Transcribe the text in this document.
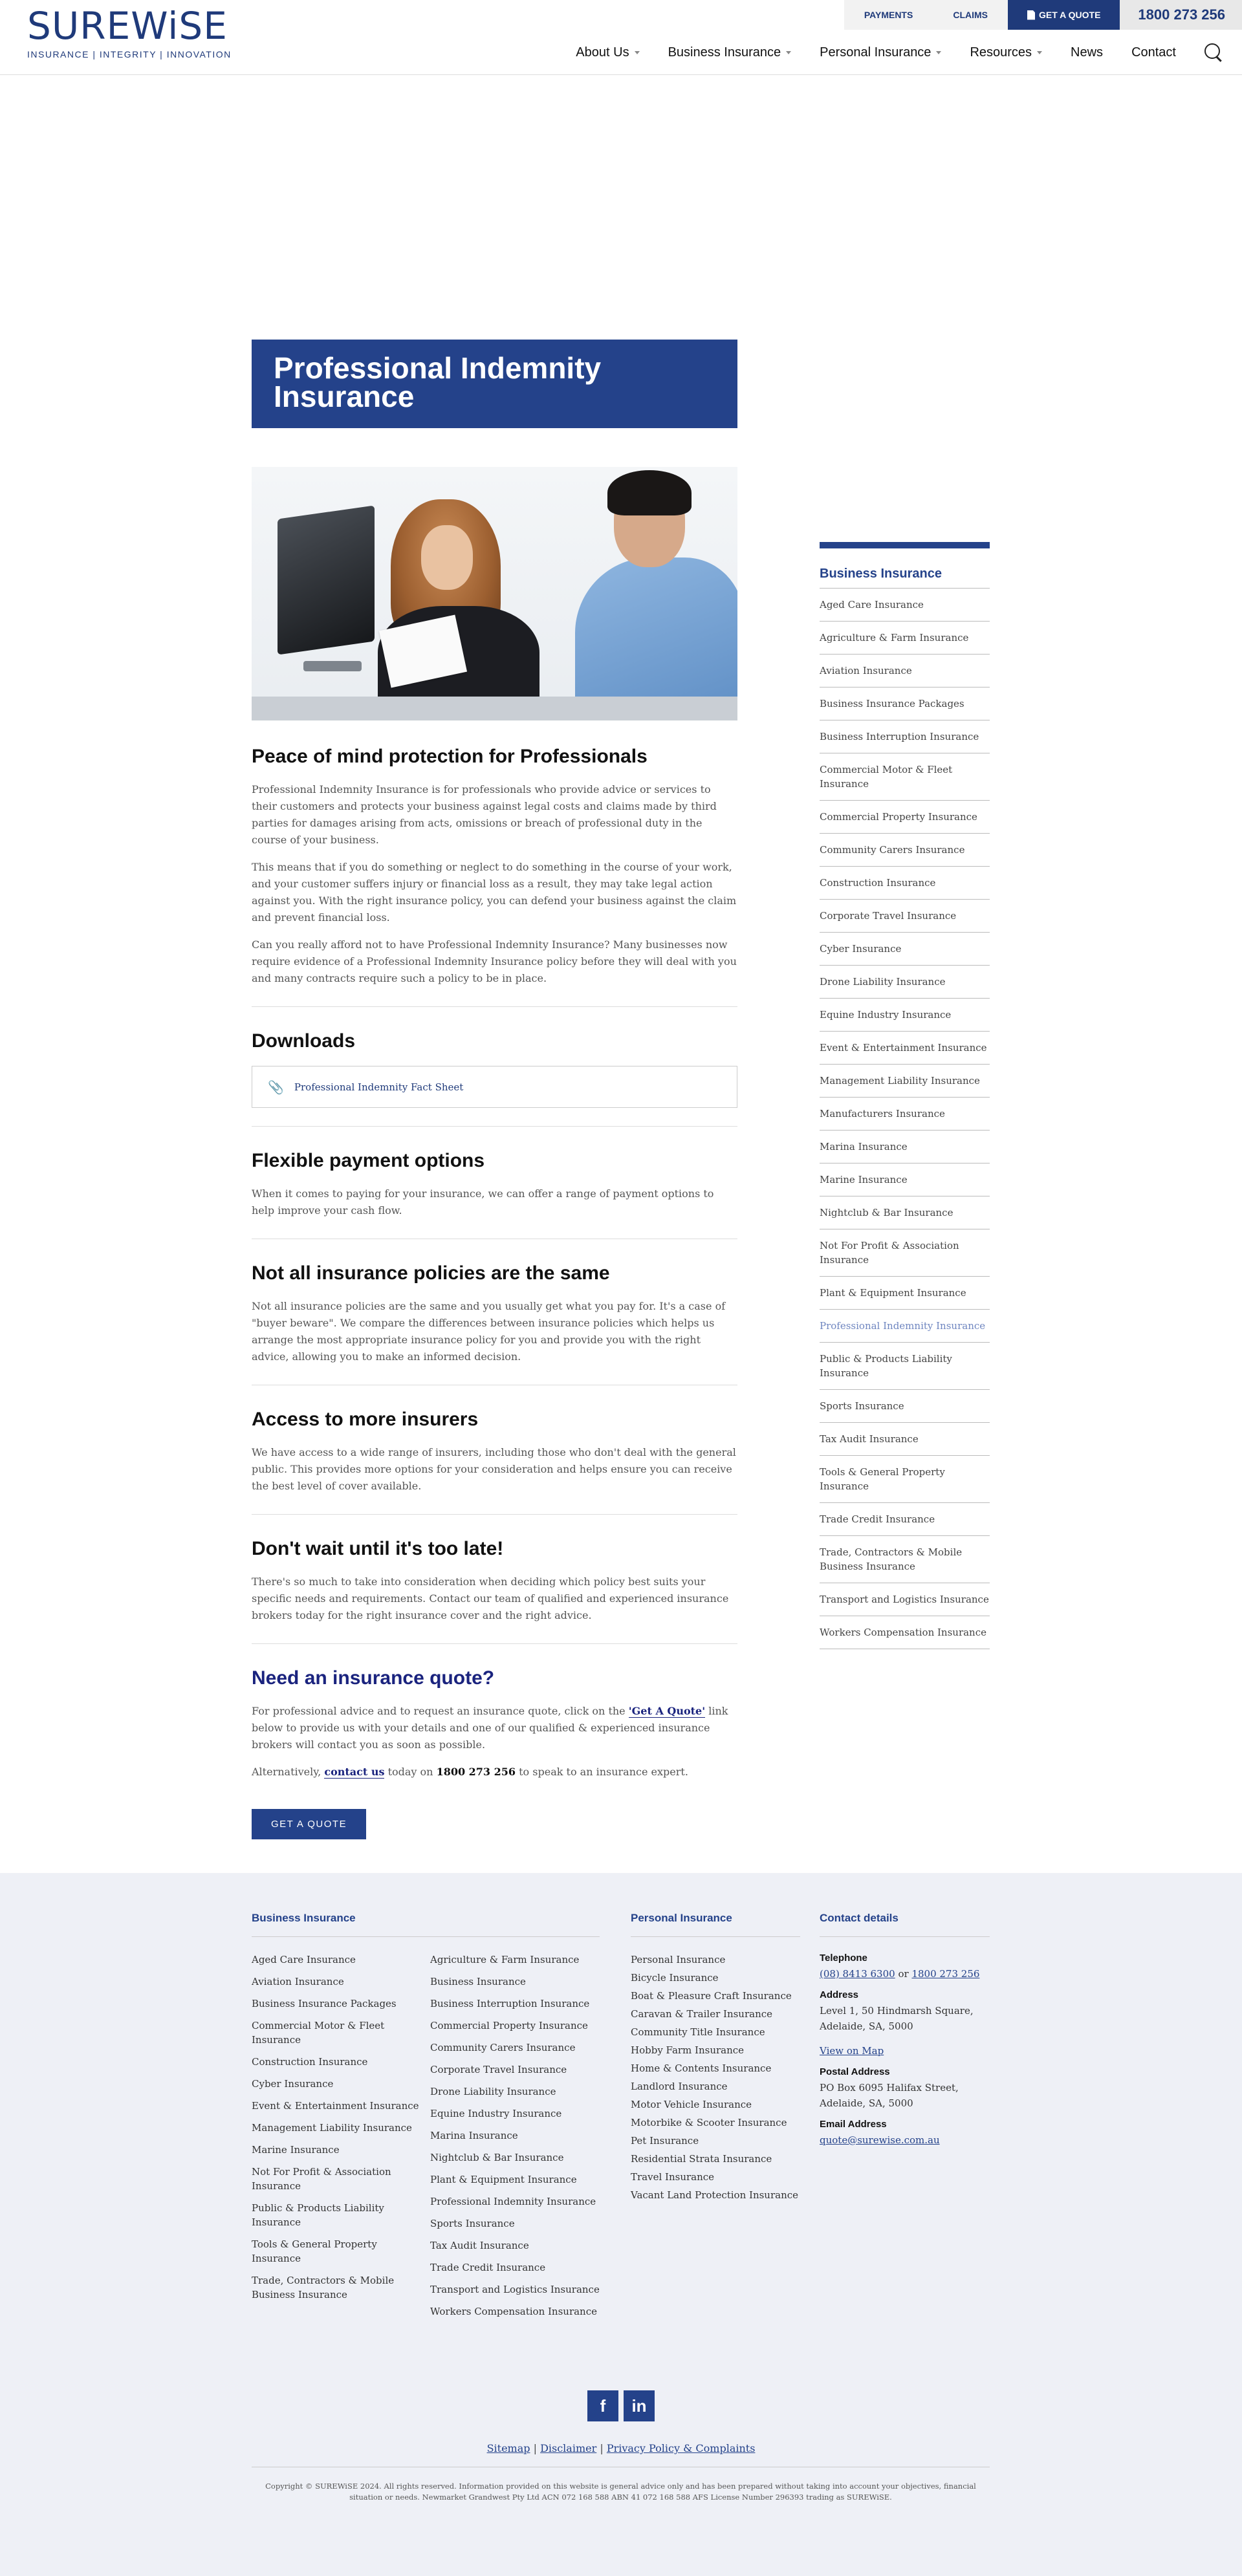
SUREWiSE
INSURANCE | INTEGRITY | INNOVATION
PAYMENTS	CLAIMS	GET A QUOTE	1800 273 256
About Us	Business Insurance	Personal Insurance	Resources	News Contact
Professional Indemnity Insurance
Peace of mind protection for Professionals

Professional Indemnity Insurance is for professionals who provide advice or services to their customers and protects your business against legal costs and claims made by third parties for damages arising from acts, omissions or breach of professional duty in the course of your business.

This means that if you do something or neglect to do something in the course of your work, and your customer suffers injury or financial loss as a result, they may take legal action against you. With the right insurance policy, you can defend your business against the claim and prevent financial loss.

Can you really afford not to have Professional Indemnity Insurance? Many businesses now require evidence of a Professional Indemnity Insurance policy before they will deal with you and many contracts require such a policy to be in place.

Downloads
📎 Professional Indemnity Fact Sheet
Flexible payment options

When it comes to paying for your insurance, we can offer a range of payment options to help improve your cash flow.

Not all insurance policies are the same

Not all insurance policies are the same and you usually get what you pay for. It's a case of "buyer beware". We compare the differences between insurance policies which helps us arrange the most appropriate insurance policy for you and provide you with the right advice, allowing you to make an informed decision.

Access to more insurers

We have access to a wide range of insurers, including those who don't deal with the general public. This provides more options for your consideration and helps ensure you can receive the best level of cover available.

Don't wait until it's too late!

There's so much to take into consideration when deciding which policy best suits your specific needs and requirements. Contact our team of qualified and experienced insurance brokers today for the right insurance cover and the right advice.

Need an insurance quote?

For professional advice and to request an insurance quote, click on the 'Get A Quote' link below to provide us with your details and one of our qualified & experienced insurance brokers will contact you as soon as possible.

Alternatively, contact us today on 1800 273 256 to speak to an insurance expert.

GET A QUOTE
Business Insurance
Aged Care Insurance
Agriculture & Farm Insurance
Aviation Insurance
Business Insurance Packages
Business Interruption Insurance
Commercial Motor & Fleet Insurance
Commercial Property Insurance
Community Carers Insurance
Construction Insurance
Corporate Travel Insurance
Cyber Insurance
Drone Liability Insurance
Equine Industry Insurance
Event & Entertainment Insurance
Management Liability Insurance
Manufacturers Insurance
Marina Insurance
Marine Insurance
Nightclub & Bar Insurance
Not For Profit & Association Insurance
Plant & Equipment Insurance
Professional Indemnity Insurance
Public & Products Liability Insurance
Sports Insurance
Tax Audit Insurance
Tools & General Property Insurance
Trade Credit Insurance
Trade, Contractors & Mobile Business Insurance
Transport and Logistics Insurance
Workers Compensation Insurance
Business Insurance
Aged Care Insurance
Aviation Insurance
Business Insurance Packages
Commercial Motor & Fleet Insurance
Construction Insurance
Cyber Insurance
Event & Entertainment Insurance
Management Liability Insurance
Marine Insurance
Not For Profit & Association Insurance
Public & Products Liability Insurance
Tools & General Property Insurance
Trade, Contractors & Mobile Business Insurance
Agriculture & Farm Insurance
Business Insurance
Business Interruption Insurance
Commercial Property Insurance
Community Carers Insurance
Corporate Travel Insurance
Drone Liability Insurance
Equine Industry Insurance
Marina Insurance
Nightclub & Bar Insurance
Plant & Equipment Insurance
Professional Indemnity Insurance
Sports Insurance
Tax Audit Insurance
Trade Credit Insurance
Transport and Logistics Insurance
Workers Compensation Insurance
Personal Insurance
Personal Insurance
Bicycle Insurance
Boat & Pleasure Craft Insurance
Caravan & Trailer Insurance
Community Title Insurance
Hobby Farm Insurance
Home & Contents Insurance
Landlord Insurance
Motor Vehicle Insurance
Motorbike & Scooter Insurance
Pet Insurance
Residential Strata Insurance
Travel Insurance
Vacant Land Protection Insurance
Contact details
Telephone
(08) 8413 6300 or 1800 273 256
Address
Level 1, 50 Hindmarsh Square,
Adelaide, SA, 5000
View on Map
Postal Address
PO Box 6095 Halifax Street,
Adelaide, SA, 5000
Email Address
quote@surewise.com.au
f	in
Sitemap | Disclaimer | Privacy Policy & Complaints
Copyright © SUREWiSE 2024. All rights reserved. Information provided on this website is general advice only and has been prepared without taking into account your objectives, financial situation or needs. Newmarket Grandwest Pty Ltd ACN 072 168 588 ABN 41 072 168 588 AFS License Number 296393 trading as SUREWiSE.
